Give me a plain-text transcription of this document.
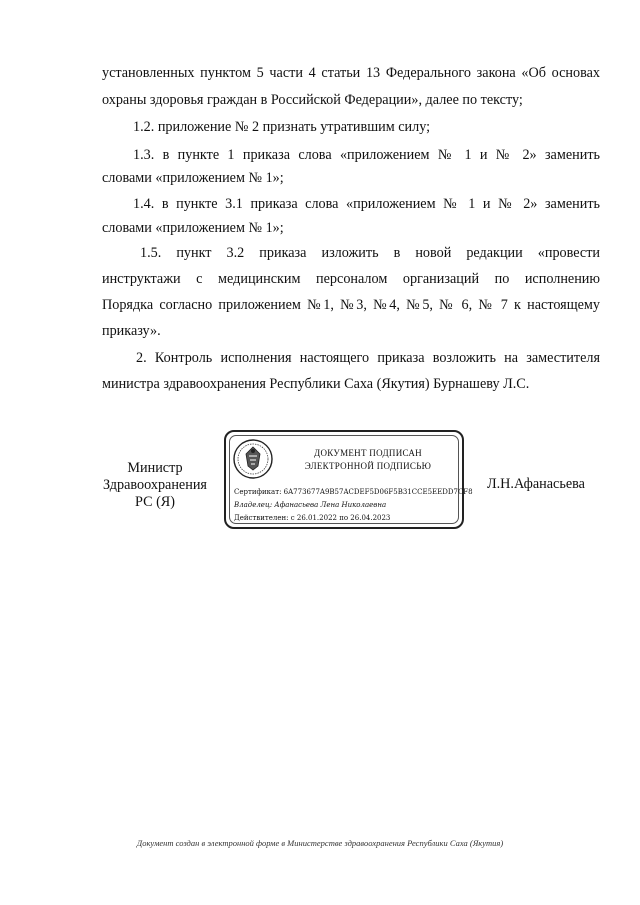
установленных пунктом 5 части 4 статьи 13 Федерального закона «Об основах
охраны здоровья граждан в Российской Федерации», далее по тексту;
1.2. приложение № 2 признать утратившим силу;
1.3. в пункте 1 приказа слова «приложением № 1 и № 2» заменить
словами «приложением № 1»;
1.4. в пункте 3.1 приказа слова «приложением № 1 и № 2» заменить
словами «приложением № 1»;
1.5. пункт 3.2 приказа изложить в новой редакции «провести
инструктажи с медицинским персоналом организаций по исполнению
Порядка согласно приложением №1, №3, №4, №5, № 6, № 7 к настоящему
приказу».
2. Контроль исполнения настоящего приказа возложить на заместителя
министра здравоохранения Республики Саха (Якутия) Бурнашеву Л.С.
Министр
Здравоохранения
РС (Я)
ДОКУМЕНТ ПОДПИСАН
ЭЛЕКТРОННОЙ ПОДПИСЬЮ
Сертификат: 6A773677A9B57ACDEF5D06F5B31CCE5EEDD7CF8
Владелец: Афанасьева Лена Николаевна
Действителен: с 26.01.2022 по 26.04.2023
Л.Н.Афанасьева
Документ создан в электронной форме в Министерстве здравоохранения Республики Саха (Якутия)
